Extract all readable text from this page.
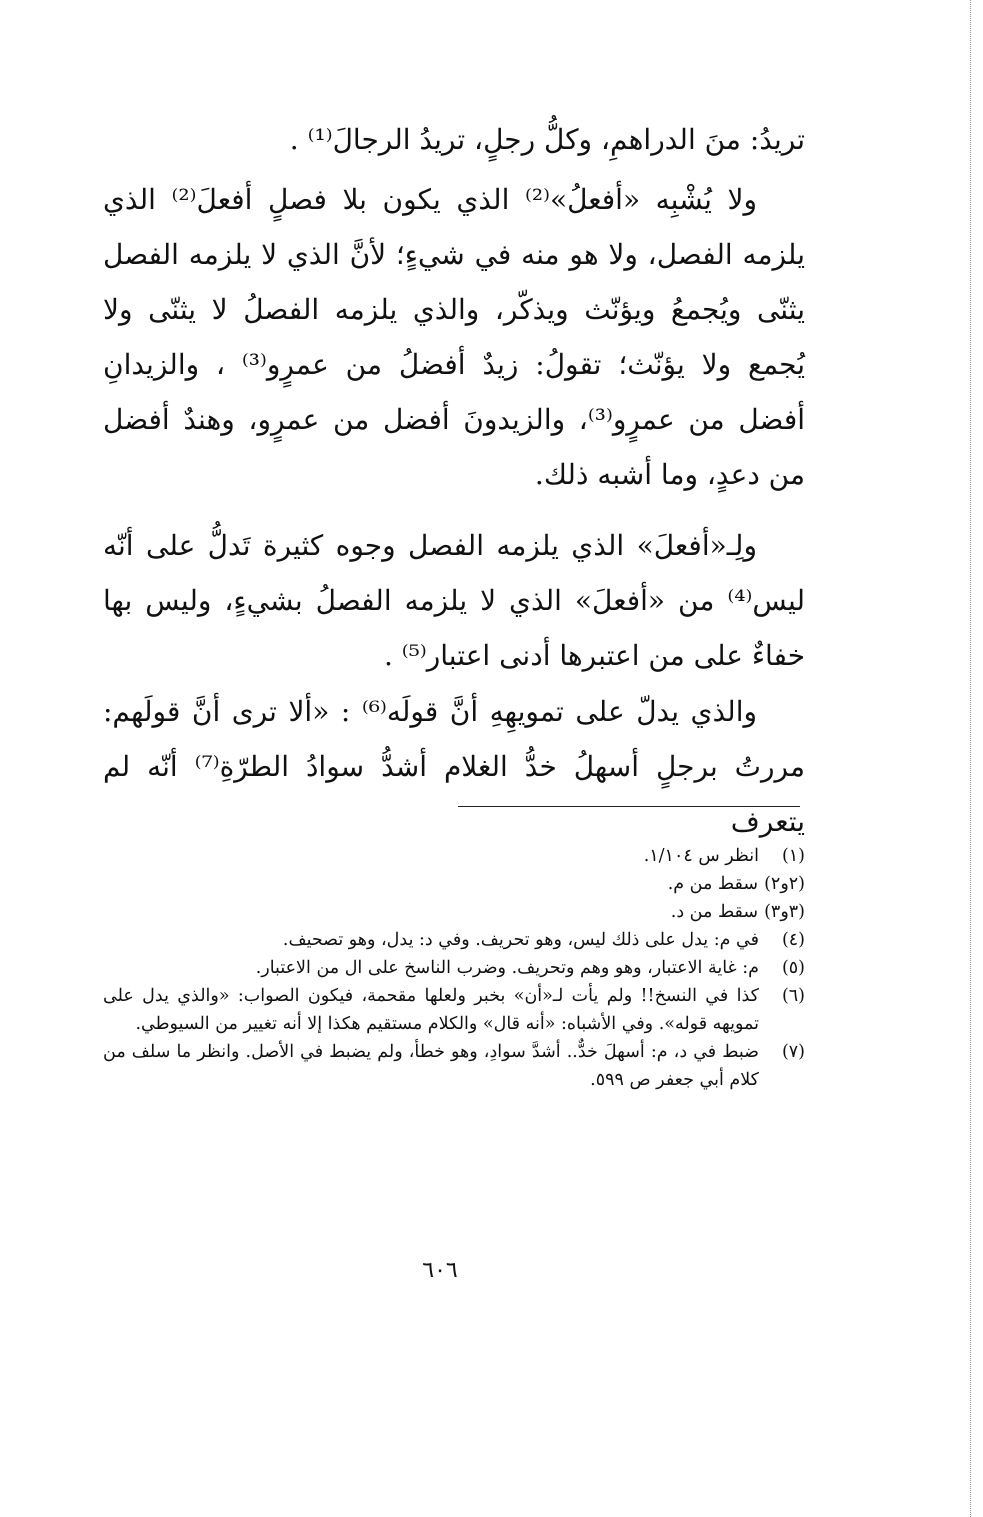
تريدُ: منَ الدراهمِ، وكلُّ رجلٍ، تريدُ الرجالَ⁽¹⁾ .

ولا يُشْبِه «أفعلُ»⁽²⁾ الذي يكون بلا فصلٍ أفعلَ⁽²⁾ الذي يلزمه الفصل، ولا هو منه في شيءٍ؛ لأنَّ الذي لا يلزمه الفصل يثنّى ويُجمعُ ويؤنّث ويذكّر، والذي يلزمه الفصلُ لا يثنّى ولا يُجمع ولا يؤنّث؛ تقولُ: زيدٌ أفضلُ من عمرٍو⁽³⁾ ، والزيدانِ أفضل من عمرٍو⁽³⁾، والزيدونَ أفضل من عمرٍو، وهندٌ أفضل من دعدٍ، وما أشبه ذلك.

ولِـ«أفعلَ» الذي يلزمه الفصل وجوه كثيرة تَدلُّ على أنّه ليس⁽⁴⁾ من «أفعلَ» الذي لا يلزمه الفصلُ بشيءٍ، وليس بها خفاءٌ على من اعتبرها أدنى اعتبار⁽⁵⁾ .

والذي يدلّ على تمويهِهِ أنَّ قولَه⁽⁶⁾ : «ألا ترى أنَّ قولَهم: مررتُ برجلٍ أسهلُ خدُّ الغلام أشدُّ سوادُ الطرّةِ⁽⁷⁾ أنّه لم يتعرف

(١)
انظر س ١/١٠٤.
(٢و٢)
سقط من م.
(٣و٣)
سقط من د.
(٤)
في م: يدل على ذلك ليس، وهو تحريف. وفي د: يدل، وهو تصحيف.
(٥)
م: غاية الاعتبار، وهو وهم وتحريف. وضرب الناسخ على ال من الاعتبار.
(٦)
كذا في النسخ!! ولم يأت لـ«أن» بخبر ولعلها مقحمة، فيكون الصواب: «والذي يدل على تمويهه قوله». وفي الأشباه: «أنه قال» والكلام مستقيم هكذا إلا أنه تغيير من السيوطي.
(٧)
ضبط في د، م: أسهلَ خدٌّ.. أشدَّ سوادِ، وهو خطأ، ولم يضبط في الأصل. وانظر ما سلف من كلام أبي جعفر ص ٥٩٩.
٦٠٦
